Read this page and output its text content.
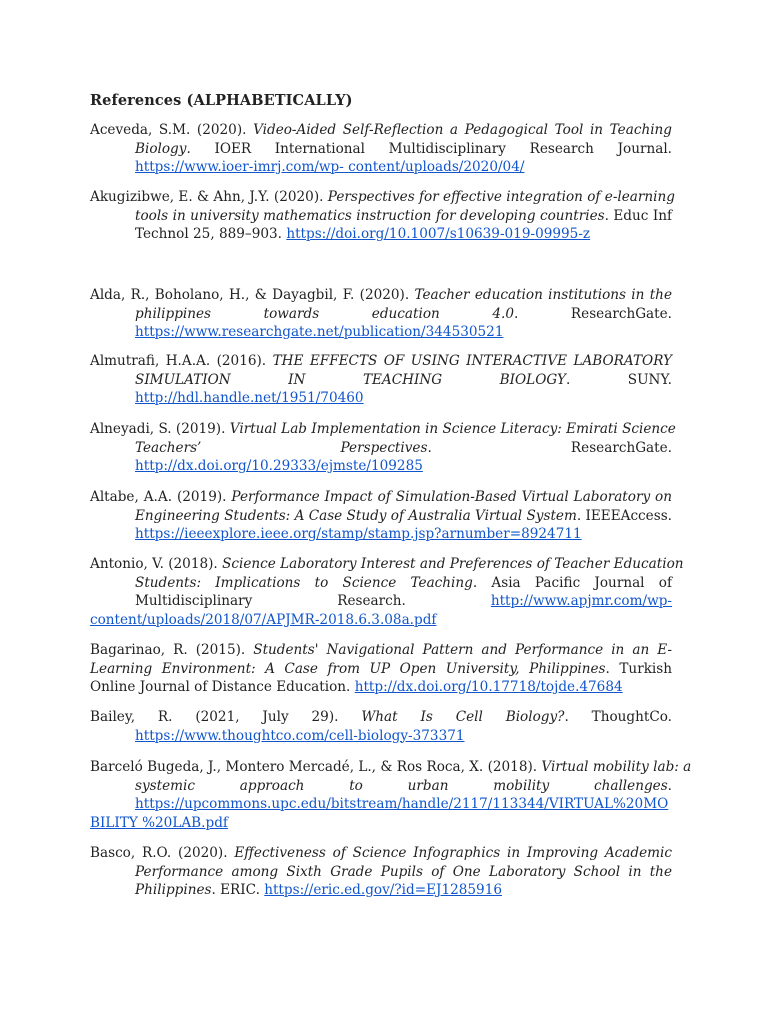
References (ALPHABETICALLY)
Aceveda, S.M. (2020). Video-Aided Self-Reflection a Pedagogical Tool in Teaching
Biology. IOER International Multidisciplinary Research Journal.
https://www.ioer-imrj.com/wp- content/uploads/2020/04/
Akugizibwe, E. & Ahn, J.Y. (2020). Perspectives for effective integration of e-learning
tools in university mathematics instruction for developing countries. Educ Inf
Technol 25, 889–903. https://doi.org/10.1007/s10639-019-09995-z
Alda, R., Boholano, H., & Dayagbil, F. (2020). Teacher education institutions in the
philippines towards education 4.0. ResearchGate.
https://www.researchgate.net/publication/344530521
Almutrafi, H.A.A. (2016). THE EFFECTS OF USING INTERACTIVE LABORATORY
SIMULATION IN TEACHING BIOLOGY. SUNY.
http://hdl.handle.net/1951/70460
Alneyadi, S. (2019). Virtual Lab Implementation in Science Literacy: Emirati Science
Teachers’ Perspectives. ResearchGate.
http://dx.doi.org/10.29333/ejmste/109285
Altabe, A.A. (2019). Performance Impact of Simulation-Based Virtual Laboratory on
Engineering Students: A Case Study of Australia Virtual System. IEEEAccess.
https://ieeexplore.ieee.org/stamp/stamp.jsp?arnumber=8924711
Antonio, V. (2018). Science Laboratory Interest and Preferences of Teacher Education
Students: Implications to Science Teaching. Asia Pacific Journal of
Multidisciplinary Research. http://www.apjmr.com/wp-
content/uploads/2018/07/APJMR-2018.6.3.08a.pdf
Bagarinao, R. (2015). Students' Navigational Pattern and Performance in an E-
Learning Environment: A Case from UP Open University, Philippines. Turkish
Online Journal of Distance Education. http://dx.doi.org/10.17718/tojde.47684
Bailey, R. (2021, July 29). What Is Cell Biology?. ThoughtCo.
https://www.thoughtco.com/cell-biology-373371
Barceló Bugeda, J., Montero Mercadé, L., & Ros Roca, X. (2018). Virtual mobility lab: a
systemic approach to urban mobility challenges.
https://upcommons.upc.edu/bitstream/handle/2117/113344/VIRTUAL%20MO
BILITY %20LAB.pdf
Basco, R.O. (2020). Effectiveness of Science Infographics in Improving Academic
Performance among Sixth Grade Pupils of One Laboratory School in the
Philippines. ERIC. https://eric.ed.gov/?id=EJ1285916
